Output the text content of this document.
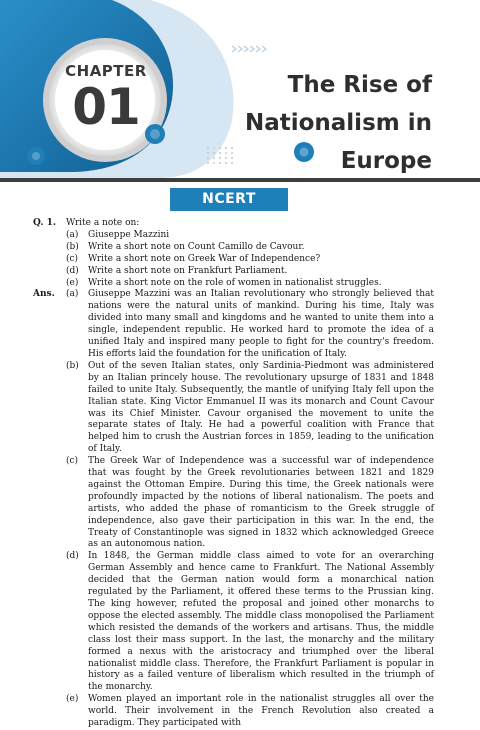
CHAPTER
01	The Rise of
Nationalism in
Europe
NCERT CORNER
Q. 1. Write a note on:
(a) Giuseppe Mazzini
(b) Write a short note on Count Camillo de Cavour.
(c) Write a short note on Greek War of Independence?
(d) Write a short note on Frankfurt Parliament.
(e) Write a short note on the role of women in nationalist struggles.
Ans. (a) Giuseppe Mazzini was an Italian revolutionary who strongly believed that nations were the natural units of mankind. During his time, Italy was divided into many small and kingdoms and he wanted to unite them into a single, independent republic. He worked hard to promote the idea of a unified Italy and inspired many people to fight for the country's freedom. His efforts laid the foundation for the unification of Italy.
(b) Out of the seven Italian states, only Sardinia-Piedmont was administered by an Italian princely house. The revolutionary upsurge of 1831 and 1848 failed to unite Italy. Subsequently, the mantle of unifying Italy fell upon the Italian state. King Victor Emmanuel II was its monarch and Count Cavour was its Chief Minister. Cavour organised the movement to unite the separate states of Italy. He had a powerful coalition with France that helped him to crush the Austrian forces in 1859, leading to the unification of Italy.
(c) The Greek War of Independence was a successful war of independence that was fought by the Greek revolutionaries between 1821 and 1829 against the Ottoman Empire. During this time, the Greek nationals were profoundly impacted by the notions of liberal nationalism. The poets and artists, who added the phase of romanticism to the Greek struggle of independence, also gave their participation in this war. In the end, the Treaty of Constantinople was signed in 1832 which acknowledged Greece as an autonomous nation.
(d) In 1848, the German middle class aimed to vote for an overarching German Assembly and hence came to Frankfurt. The National Assembly decided that the German nation would form a monarchical nation regulated by the Parliament, it offered these terms to the Prussian king. The king however, refuted the proposal and joined other monarchs to oppose the elected assembly. The middle class monopolised the Parliament which resisted the demands of the workers and artisans. Thus, the middle class lost their mass support. In the last, the monarchy and the military formed a nexus with the aristocracy and triumphed over the liberal nationalist middle class. Therefore, the Frankfurt Parliament is popular in history as a failed venture of liberalism which resulted in the triumph of the monarchy.
(e) Women played an important role in the nationalist struggles all over the world. Their involvement in the French Revolution also created a paradigm. They participated with
